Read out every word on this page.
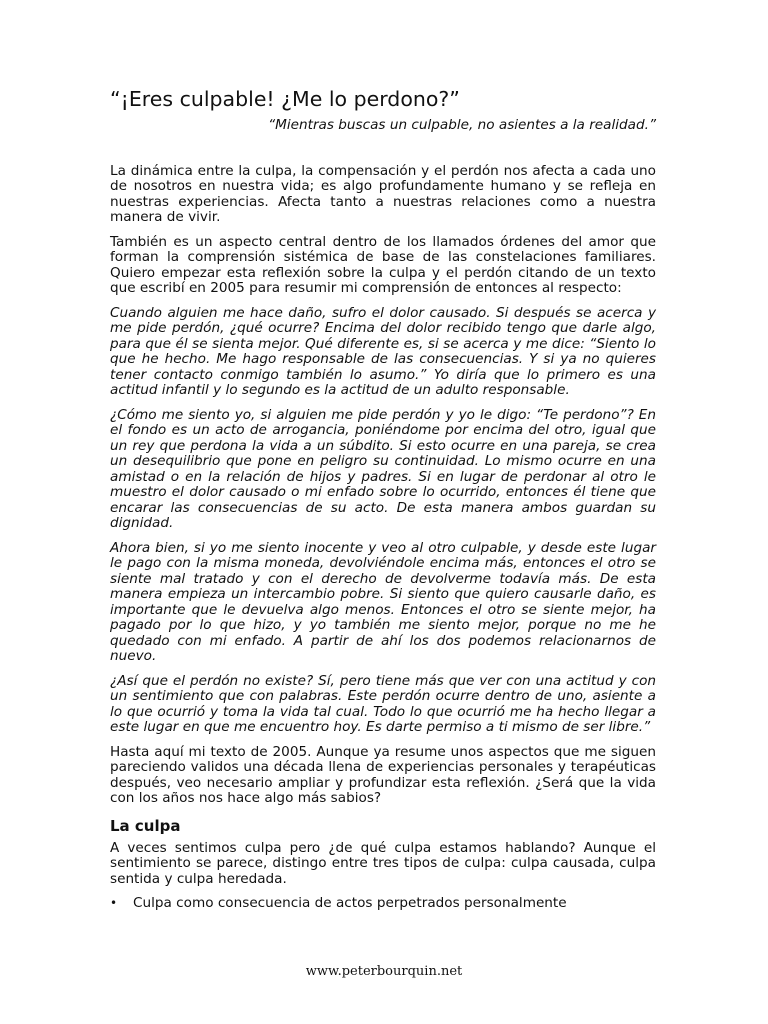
“¡Eres culpable! ¿Me lo perdono?”
“Mientras buscas un culpable, no asientes a la realidad.”

La dinámica entre la culpa, la compensación y el perdón nos afecta a cada uno de nosotros en nuestra vida; es algo profundamente humano y se refleja en nuestras experiencias. Afecta tanto a nuestras relaciones como a nuestra manera de vivir.

También es un aspecto central dentro de los llamados órdenes del amor que forman la comprensión sistémica de base de las constelaciones familiares. Quiero empezar esta reflexión sobre la culpa y el perdón citando de un texto que escribí en 2005 para resumir mi comprensión de entonces al respecto:

Cuando alguien me hace daño, sufro el dolor causado. Si después se acerca y me pide perdón, ¿qué ocurre? Encima del dolor recibido tengo que darle algo, para que él se sienta mejor. Qué diferente es, si se acerca y me dice: “Siento lo que he hecho. Me hago responsable de las consecuencias. Y si ya no quieres tener contacto conmigo también lo asumo.” Yo diría que lo primero es una actitud infantil y lo segundo es la actitud de un adulto responsable.

¿Cómo me siento yo, si alguien me pide perdón y yo le digo: “Te perdono”? En el fondo es un acto de arrogancia, poniéndome por encima del otro, igual que un rey que perdona la vida a un súbdito. Si esto ocurre en una pareja, se crea un desequilibrio que pone en peligro su continuidad. Lo mismo ocurre en una amistad o en la relación de hijos y padres. Si en lugar de perdonar al otro le muestro el dolor causado o mi enfado sobre lo ocurrido, entonces él tiene que encarar las consecuencias de su acto. De esta manera ambos guardan su dignidad.

Ahora bien, si yo me siento inocente y veo al otro culpable, y desde este lugar le pago con la misma moneda, devolviéndole encima más, entonces el otro se siente mal tratado y con el derecho de devolverme todavía más. De esta manera empieza un intercambio pobre. Si siento que quiero causarle daño, es importante que le devuelva algo menos. Entonces el otro se siente mejor, ha pagado por lo que hizo, y yo también me siento mejor, porque no me he quedado con mi enfado. A partir de ahí los dos podemos relacionarnos de nuevo.

¿Así que el perdón no existe? Sí, pero tiene más que ver con una actitud y con un sentimiento que con palabras. Este perdón ocurre dentro de uno, asiente a lo que ocurrió y toma la vida tal cual. Todo lo que ocurrió me ha hecho llegar a este lugar en que me encuentro hoy. Es darte permiso a ti mismo de ser libre.”

Hasta aquí mi texto de 2005. Aunque ya resume unos aspectos que me siguen pareciendo validos una década llena de experiencias personales y terapéuticas después, veo necesario ampliar y profundizar esta reflexión. ¿Será que la vida con los años nos hace algo más sabios?

La culpa

A veces sentimos culpa pero ¿de qué culpa estamos hablando? Aunque el sentimiento se parece, distingo entre tres tipos de culpa: culpa causada, culpa sentida y culpa heredada.

• Culpa como consecuencia de actos perpetrados personalmente
www.peterbourquin.net
